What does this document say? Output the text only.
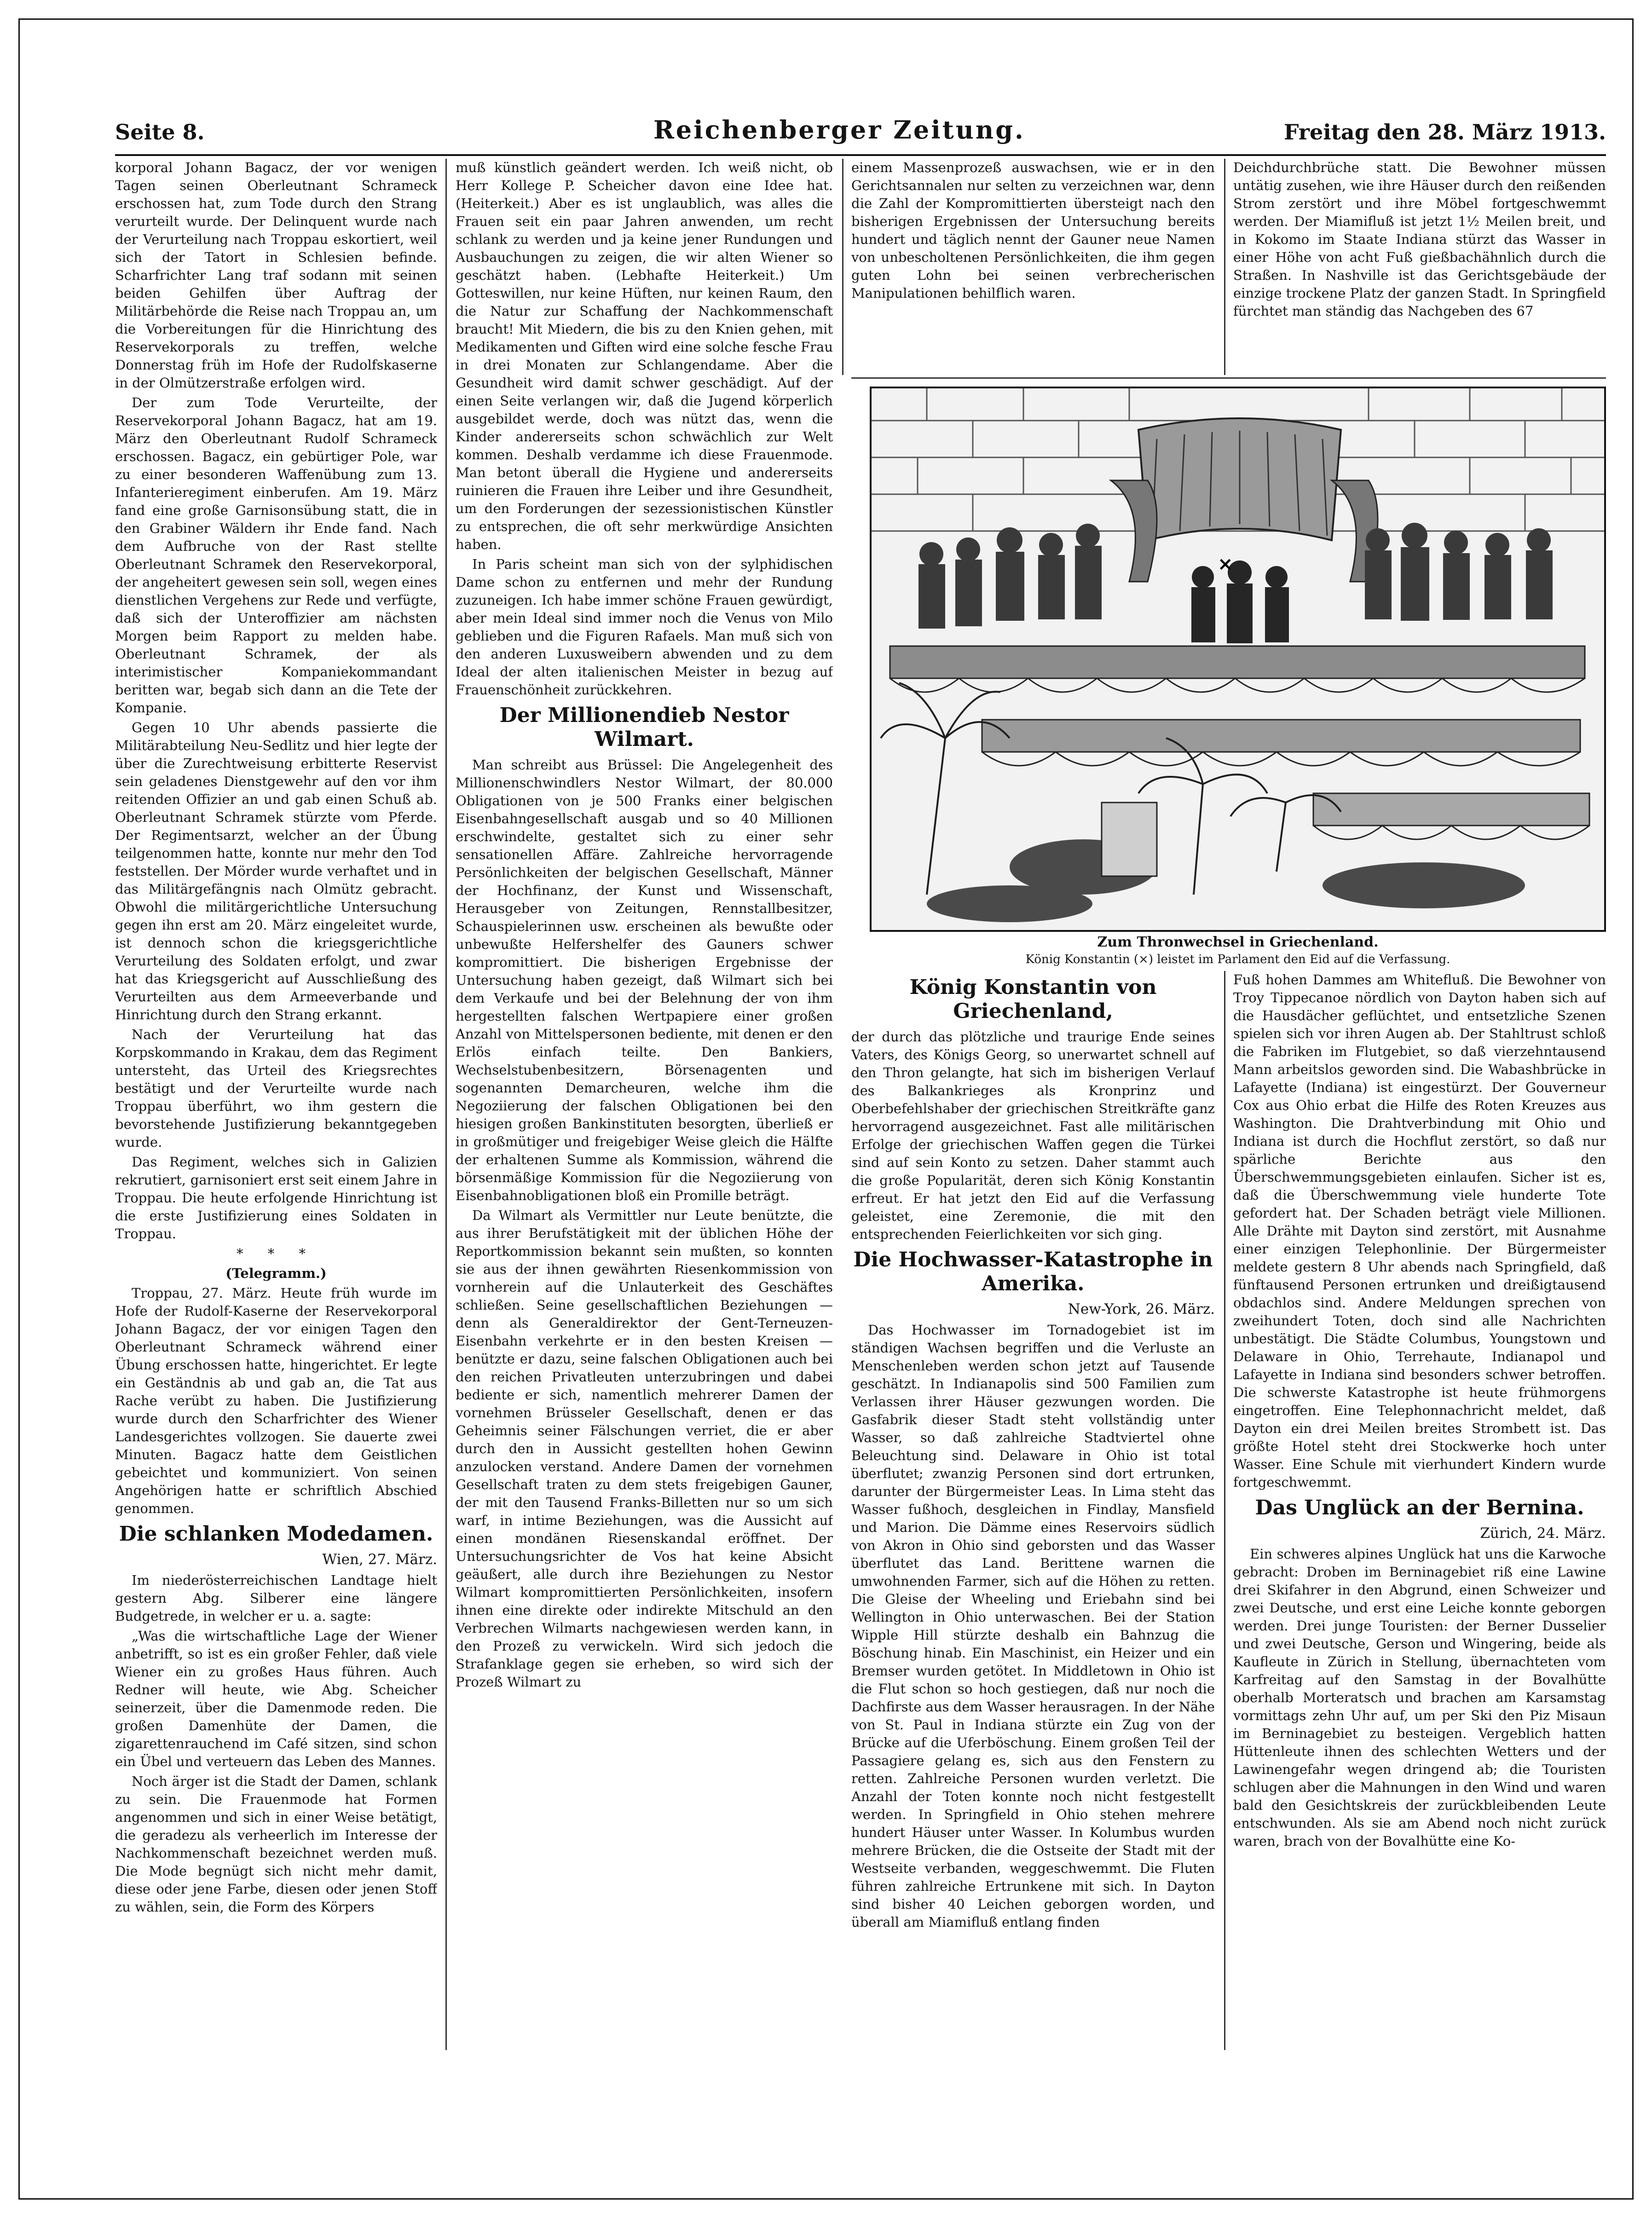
Seite 8.	Reichenberger Zeitung.	Freitag den 28. März 1913.

korporal Johann Bagacz, der vor wenigen Tagen seinen Oberleutnant Schrameck erschossen hat, zum Tode durch den Strang verurteilt wurde. Der Delinquent wurde nach der Verurteilung nach Troppau eskortiert, weil sich der Tatort in Schlesien befinde. Scharfrichter Lang traf sodann mit seinen beiden Gehilfen über Auftrag der Militärbehörde die Reise nach Troppau an, um die Vorbereitungen für die Hinrichtung des Reservekorporals zu treffen, welche Donnerstag früh im Hofe der Rudolfskaserne in der Olmützerstraße erfolgen wird.

Der zum Tode Verurteilte, der Reservekorporal Johann Bagacz, hat am 19. März den Oberleutnant Rudolf Schrameck erschossen. Bagacz, ein gebürtiger Pole, war zu einer besonderen Waffenübung zum 13. Infanterieregiment einberufen. Am 19. März fand eine große Garnisonsübung statt, die in den Grabiner Wäldern ihr Ende fand. Nach dem Aufbruche von der Rast stellte Oberleutnant Schramek den Reservekorporal, der angeheitert gewesen sein soll, wegen eines dienstlichen Vergehens zur Rede und verfügte, daß sich der Unteroffizier am nächsten Morgen beim Rapport zu melden habe. Oberleutnant Schramek, der als interimistischer Kompaniekommandant beritten war, begab sich dann an die Tete der Kompanie.

Gegen 10 Uhr abends passierte die Militärabteilung Neu-Sedlitz und hier legte der über die Zurechtweisung erbitterte Reservist sein geladenes Dienstgewehr auf den vor ihm reitenden Offizier an und gab einen Schuß ab. Oberleutnant Schramek stürzte vom Pferde. Der Regimentsarzt, welcher an der Übung teilgenommen hatte, konnte nur mehr den Tod feststellen. Der Mörder wurde verhaftet und in das Militärgefängnis nach Olmütz gebracht. Obwohl die militärgerichtliche Untersuchung gegen ihn erst am 20. März eingeleitet wurde, ist dennoch schon die kriegsgerichtliche Verurteilung des Soldaten erfolgt, und zwar hat das Kriegsgericht auf Ausschließung des Verurteilten aus dem Armeeverbande und Hinrichtung durch den Strang erkannt.

Nach der Verurteilung hat das Korpskommando in Krakau, dem das Regiment untersteht, das Urteil des Kriegsrechtes bestätigt und der Verurteilte wurde nach Troppau überführt, wo ihm gestern die bevorstehende Justifizierung bekanntgegeben wurde.

Das Regiment, welches sich in Galizien rekrutiert, garnisoniert erst seit einem Jahre in Troppau. Die heute erfolgende Hinrichtung ist die erste Justifizierung eines Soldaten in Troppau.

* * *
(Telegramm.)

Troppau, 27. März. Heute früh wurde im Hofe der Rudolf-Kaserne der Reservekorporal Johann Bagacz, der vor einigen Tagen den Oberleutnant Schrameck während einer Übung erschossen hatte, hingerichtet. Er legte ein Geständnis ab und gab an, die Tat aus Rache verübt zu haben. Die Justifizierung wurde durch den Scharfrichter des Wiener Landesgerichtes vollzogen. Sie dauerte zwei Minuten. Bagacz hatte dem Geistlichen gebeichtet und kommuniziert. Von seinen Angehörigen hatte er schriftlich Abschied genommen.

Die schlanken Modedamen.
Wien, 27. März.

Im niederösterreichischen Landtage hielt gestern Abg. Silberer eine längere Budgetrede, in welcher er u. a. sagte:

„Was die wirtschaftliche Lage der Wiener anbetrifft, so ist es ein großer Fehler, daß viele Wiener ein zu großes Haus führen. Auch Redner will heute, wie Abg. Scheicher seinerzeit, über die Damenmode reden. Die großen Damenhüte der Damen, die zigarettenrauchend im Café sitzen, sind schon ein Übel und verteuern das Leben des Mannes.

Noch ärger ist die Stadt der Damen, schlank zu sein. Die Frauenmode hat Formen angenommen und sich in einer Weise betätigt, die geradezu als verheerlich im Interesse der Nachkommenschaft bezeichnet werden muß. Die Mode begnügt sich nicht mehr damit, diese oder jene Farbe, diesen oder jenen Stoff zu wählen, sein, die Form des Körpers

muß künstlich geändert werden. Ich weiß nicht, ob Herr Kollege P. Scheicher davon eine Idee hat. (Heiterkeit.) Aber es ist unglaublich, was alles die Frauen seit ein paar Jahren anwenden, um recht schlank zu werden und ja keine jener Rundungen und Ausbauchungen zu zeigen, die wir alten Wiener so geschätzt haben. (Lebhafte Heiterkeit.) Um Gotteswillen, nur keine Hüften, nur keinen Raum, den die Natur zur Schaffung der Nachkommenschaft braucht! Mit Miedern, die bis zu den Knien gehen, mit Medikamenten und Giften wird eine solche fesche Frau in drei Monaten zur Schlangendame. Aber die Gesundheit wird damit schwer geschädigt. Auf der einen Seite verlangen wir, daß die Jugend körperlich ausgebildet werde, doch was nützt das, wenn die Kinder andererseits schon schwächlich zur Welt kommen. Deshalb verdamme ich diese Frauenmode. Man betont überall die Hygiene und andererseits ruinieren die Frauen ihre Leiber und ihre Gesundheit, um den Forderungen der sezessionistischen Künstler zu entsprechen, die oft sehr merkwürdige Ansichten haben.

In Paris scheint man sich von der sylphidischen Dame schon zu entfernen und mehr der Rundung zuzuneigen. Ich habe immer schöne Frauen gewürdigt, aber mein Ideal sind immer noch die Venus von Milo geblieben und die Figuren Rafaels. Man muß sich von den anderen Luxusweibern abwenden und zu dem Ideal der alten italienischen Meister in bezug auf Frauenschönheit zurückkehren.

Der Millionendieb Nestor Wilmart.

Man schreibt aus Brüssel: Die Angelegenheit des Millionenschwindlers Nestor Wilmart, der 80.000 Obligationen von je 500 Franks einer belgischen Eisenbahngesellschaft ausgab und so 40 Millionen erschwindelte, gestaltet sich zu einer sehr sensationellen Affäre. Zahlreiche hervorragende Persönlichkeiten der belgischen Gesellschaft, Männer der Hochfinanz, der Kunst und Wissenschaft, Herausgeber von Zeitungen, Rennstallbesitzer, Schauspielerinnen usw. erscheinen als bewußte oder unbewußte Helfershelfer des Gauners schwer kompromittiert. Die bisherigen Ergebnisse der Untersuchung haben gezeigt, daß Wilmart sich bei dem Verkaufe und bei der Belehnung der von ihm hergestellten falschen Wertpapiere einer großen Anzahl von Mittelspersonen bediente, mit denen er den Erlös einfach teilte. Den Bankiers, Wechselstubenbesitzern, Börsenagenten und sogenannten Demarcheuren, welche ihm die Negoziierung der falschen Obligationen bei den hiesigen großen Bankinstituten besorgten, überließ er in großmütiger und freigebiger Weise gleich die Hälfte der erhaltenen Summe als Kommission, während die börsenmäßige Kommission für die Negoziierung von Eisenbahnobligationen bloß ein Promille beträgt.

Da Wilmart als Vermittler nur Leute benützte, die aus ihrer Berufstätigkeit mit der üblichen Höhe der Reportkommission bekannt sein mußten, so konnten sie aus der ihnen gewährten Riesenkommission von vornherein auf die Unlauterkeit des Geschäftes schließen. Seine gesellschaftlichen Beziehungen — denn als Generaldirektor der Gent-Terneuzen-Eisenbahn verkehrte er in den besten Kreisen — benützte er dazu, seine falschen Obligationen auch bei den reichen Privatleuten unterzubringen und dabei bediente er sich, namentlich mehrerer Damen der vornehmen Brüsseler Gesellschaft, denen er das Geheimnis seiner Fälschungen verriet, die er aber durch den in Aussicht gestellten hohen Gewinn anzulocken verstand. Andere Damen der vornehmen Gesellschaft traten zu dem stets freigebigen Gauner, der mit den Tausend Franks-Billetten nur so um sich warf, in intime Beziehungen, was die Aussicht auf einen mondänen Riesenskandal eröffnet. Der Untersuchungsrichter de Vos hat keine Absicht geäußert, alle durch ihre Beziehungen zu Nestor Wilmart kompromittierten Persönlichkeiten, insofern ihnen eine direkte oder indirekte Mitschuld an den Verbrechen Wilmarts nachgewiesen werden kann, in den Prozeß zu verwickeln. Wird sich jedoch die Strafanklage gegen sie erheben, so wird sich der Prozeß Wilmart zu

einem Massenprozeß auswachsen, wie er in den Gerichtsannalen nur selten zu verzeichnen war, denn die Zahl der Kompromittierten übersteigt nach den bisherigen Ergebnissen der Untersuchung bereits hundert und täglich nennt der Gauner neue Namen von unbescholtenen Persönlichkeiten, die ihm gegen guten Lohn bei seinen verbrecherischen Manipulationen behilflich waren.

Deichdurchbrüche statt. Die Bewohner müssen untätig zusehen, wie ihre Häuser durch den reißenden Strom zerstört und ihre Möbel fortgeschwemmt werden. Der Miamifluß ist jetzt 1½ Meilen breit, und in Kokomo im Staate Indiana stürzt das Wasser in einer Höhe von acht Fuß gießbachähnlich durch die Straßen. In Nashville ist das Gerichtsgebäude der einzige trockene Platz der ganzen Stadt. In Springfield fürchtet man ständig das Nachgeben des 67

×
Zum Thronwechsel in Griechenland.
König Konstantin (×) leistet im Parlament den Eid auf die Verfassung.
König Konstantin von Griechenland,

der durch das plötzliche und traurige Ende seines Vaters, des Königs Georg, so unerwartet schnell auf den Thron gelangte, hat sich im bisherigen Verlauf des Balkankrieges als Kronprinz und Oberbefehlshaber der griechischen Streitkräfte ganz hervorragend ausgezeichnet. Fast alle militärischen Erfolge der griechischen Waffen gegen die Türkei sind auf sein Konto zu setzen. Daher stammt auch die große Popularität, deren sich König Konstantin erfreut. Er hat jetzt den Eid auf die Verfassung geleistet, eine Zeremonie, die mit den entsprechenden Feierlichkeiten vor sich ging.

Die Hochwasser-Katastrophe in Amerika.
New-York, 26. März.

Das Hochwasser im Tornadogebiet ist im ständigen Wachsen begriffen und die Verluste an Menschenleben werden schon jetzt auf Tausende geschätzt. In Indianapolis sind 500 Familien zum Verlassen ihrer Häuser gezwungen worden. Die Gasfabrik dieser Stadt steht vollständig unter Wasser, so daß zahlreiche Stadtviertel ohne Beleuchtung sind. Delaware in Ohio ist total überflutet; zwanzig Personen sind dort ertrunken, darunter der Bürgermeister Leas. In Lima steht das Wasser fußhoch, desgleichen in Findlay, Mansfield und Marion. Die Dämme eines Reservoirs südlich von Akron in Ohio sind geborsten und das Wasser überflutet das Land. Berittene warnen die umwohnenden Farmer, sich auf die Höhen zu retten. Die Gleise der Wheeling und Eriebahn sind bei Wellington in Ohio unterwaschen. Bei der Station Wipple Hill stürzte deshalb ein Bahnzug die Böschung hinab. Ein Maschinist, ein Heizer und ein Bremser wurden getötet. In Middletown in Ohio ist die Flut schon so hoch gestiegen, daß nur noch die Dachfirste aus dem Wasser herausragen. In der Nähe von St. Paul in Indiana stürzte ein Zug von der Brücke auf die Uferböschung. Einem großen Teil der Passagiere gelang es, sich aus den Fenstern zu retten. Zahlreiche Personen wurden verletzt. Die Anzahl der Toten konnte noch nicht festgestellt werden. In Springfield in Ohio stehen mehrere hundert Häuser unter Wasser. In Kolumbus wurden mehrere Brücken, die die Ostseite der Stadt mit der Westseite verbanden, weggeschwemmt. Die Fluten führen zahlreiche Ertrunkene mit sich. In Dayton sind bisher 40 Leichen geborgen worden, und überall am Miamifluß entlang finden

Fuß hohen Dammes am Whitefluß. Die Bewohner von Troy Tippecanoe nördlich von Dayton haben sich auf die Hausdächer geflüchtet, und entsetzliche Szenen spielen sich vor ihren Augen ab. Der Stahltrust schloß die Fabriken im Flutgebiet, so daß vierzehntausend Mann arbeitslos geworden sind. Die Wabashbrücke in Lafayette (Indiana) ist eingestürzt. Der Gouverneur Cox aus Ohio erbat die Hilfe des Roten Kreuzes aus Washington. Die Drahtverbindung mit Ohio und Indiana ist durch die Hochflut zerstört, so daß nur spärliche Berichte aus den Überschwemmungsgebieten einlaufen. Sicher ist es, daß die Überschwemmung viele hunderte Tote gefordert hat. Der Schaden beträgt viele Millionen. Alle Drähte mit Dayton sind zerstört, mit Ausnahme einer einzigen Telephonlinie. Der Bürgermeister meldete gestern 8 Uhr abends nach Springfield, daß fünftausend Personen ertrunken und dreißigtausend obdachlos sind. Andere Meldungen sprechen von zweihundert Toten, doch sind alle Nachrichten unbestätigt. Die Städte Columbus, Youngstown und Delaware in Ohio, Terrehaute, Indianapol und Lafayette in Indiana sind besonders schwer betroffen. Die schwerste Katastrophe ist heute frühmorgens eingetroffen. Eine Telephonnachricht meldet, daß Dayton ein drei Meilen breites Strombett ist. Das größte Hotel steht drei Stockwerke hoch unter Wasser. Eine Schule mit vierhundert Kindern wurde fortgeschwemmt.

Das Unglück an der Bernina.
Zürich, 24. März.

Ein schweres alpines Unglück hat uns die Karwoche gebracht: Droben im Berninagebiet riß eine Lawine drei Skifahrer in den Abgrund, einen Schweizer und zwei Deutsche, und erst eine Leiche konnte geborgen werden. Drei junge Touristen: der Berner Dusselier und zwei Deutsche, Gerson und Wingering, beide als Kaufleute in Zürich in Stellung, übernachteten vom Karfreitag auf den Samstag in der Bovalhütte oberhalb Morteratsch und brachen am Karsamstag vormittags zehn Uhr auf, um per Ski den Piz Misaun im Berninagebiet zu besteigen. Vergeblich hatten Hüttenleute ihnen des schlechten Wetters und der Lawinengefahr wegen dringend ab; die Touristen schlugen aber die Mahnungen in den Wind und waren bald den Gesichtskreis der zurückbleibenden Leute entschwunden. Als sie am Abend noch nicht zurück waren, brach von der Bovalhütte eine Ko-
